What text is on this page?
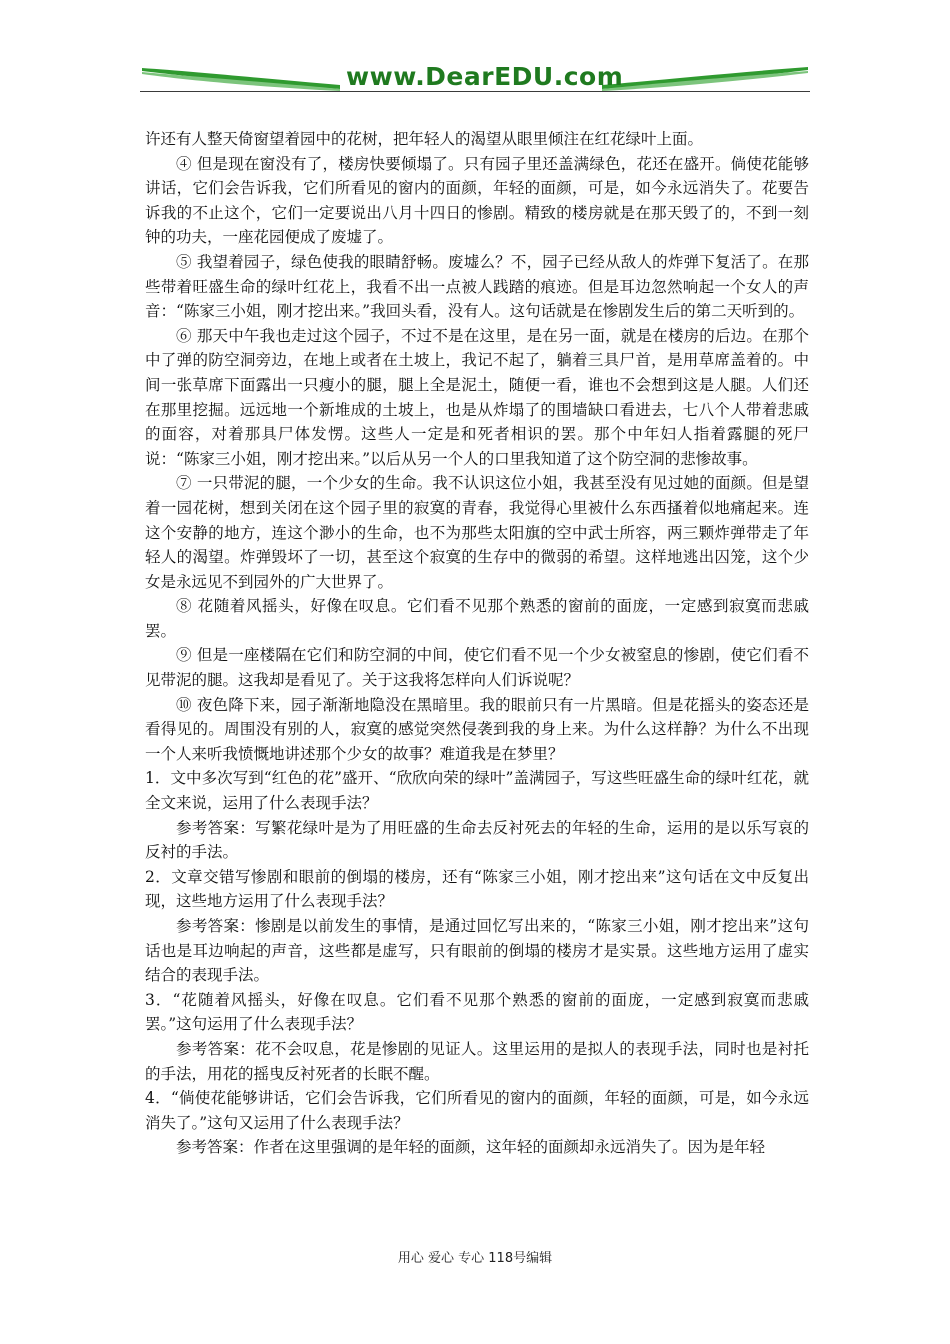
www.DearEDU.com

许还有人整天倚窗望着园中的花树，把年轻人的渴望从眼里倾注在红花绿叶上面。

④ 但是现在窗没有了，楼房快要倾塌了。只有园子里还盖满绿色，花还在盛开。倘使花能够讲话，它们会告诉我，它们所看见的窗内的面颜，年轻的面颜，可是，如今永远消失了。花要告诉我的不止这个，它们一定要说出八月十四日的惨剧。精致的楼房就是在那天毁了的，不到一刻钟的功夫，一座花园便成了废墟了。

⑤ 我望着园子，绿色使我的眼睛舒畅。废墟么？不，园子已经从敌人的炸弹下复活了。在那些带着旺盛生命的绿叶红花上，我看不出一点被人践踏的痕迹。但是耳边忽然响起一个女人的声音：“陈家三小姐，刚才挖出来。”我回头看，没有人。这句话就是在惨剧发生后的第二天听到的。

⑥ 那天中午我也走过这个园子，不过不是在这里，是在另一面，就是在楼房的后边。在那个中了弹的防空洞旁边，在地上或者在土坡上，我记不起了，躺着三具尸首，是用草席盖着的。中间一张草席下面露出一只瘦小的腿，腿上全是泥土，随便一看，谁也不会想到这是人腿。人们还在那里挖掘。远远地一个新堆成的土坡上，也是从炸塌了的围墙缺口看进去，七八个人带着悲戚的面容，对着那具尸体发愣。这些人一定是和死者相识的罢。那个中年妇人指着露腿的死尸说：“陈家三小姐，刚才挖出来。”以后从另一个人的口里我知道了这个防空洞的悲惨故事。

⑦ 一只带泥的腿，一个少女的生命。我不认识这位小姐，我甚至没有见过她的面颜。但是望着一园花树，想到关闭在这个园子里的寂寞的青春，我觉得心里被什么东西搔着似地痛起来。连这个安静的地方，连这个渺小的生命，也不为那些太阳旗的空中武士所容，两三颗炸弹带走了年轻人的渴望。炸弹毁坏了一切，甚至这个寂寞的生存中的微弱的希望。这样地逃出囚笼，这个少女是永远见不到园外的广大世界了。

⑧ 花随着风摇头，好像在叹息。它们看不见那个熟悉的窗前的面庞，一定感到寂寞而悲戚罢。

⑨ 但是一座楼隔在它们和防空洞的中间，使它们看不见一个少女被窒息的惨剧，使它们看不见带泥的腿。这我却是看见了。关于这我将怎样向人们诉说呢？

⑩ 夜色降下来，园子渐渐地隐没在黑暗里。我的眼前只有一片黑暗。但是花摇头的姿态还是看得见的。周围没有别的人，寂寞的感觉突然侵袭到我的身上来。为什么这样静？为什么不出现一个人来听我愤慨地讲述那个少女的故事？难道我是在梦里？

1．文中多次写到“红色的花”盛开、“欣欣向荣的绿叶”盖满园子，写这些旺盛生命的绿叶红花，就全文来说，运用了什么表现手法？

参考答案：写繁花绿叶是为了用旺盛的生命去反衬死去的年轻的生命，运用的是以乐写哀的反衬的手法。

2．文章交错写惨剧和眼前的倒塌的楼房，还有“陈家三小姐，刚才挖出来”这句话在文中反复出现，这些地方运用了什么表现手法？

参考答案：惨剧是以前发生的事情，是通过回忆写出来的，“陈家三小姐，刚才挖出来”这句话也是耳边响起的声音，这些都是虚写，只有眼前的倒塌的楼房才是实景。这些地方运用了虚实结合的表现手法。

3．“花随着风摇头，好像在叹息。它们看不见那个熟悉的窗前的面庞，一定感到寂寞而悲戚罢。”这句运用了什么表现手法？

参考答案：花不会叹息，花是惨剧的见证人。这里运用的是拟人的表现手法，同时也是衬托的手法，用花的摇曳反衬死者的长眠不醒。

4．“倘使花能够讲话，它们会告诉我，它们所看见的窗内的面颜，年轻的面颜，可是，如今永远消失了。”这句又运用了什么表现手法？

参考答案：作者在这里强调的是年轻的面颜，这年轻的面颜却永远消失了。因为是年轻

用心 爱心 专心 118号编辑
